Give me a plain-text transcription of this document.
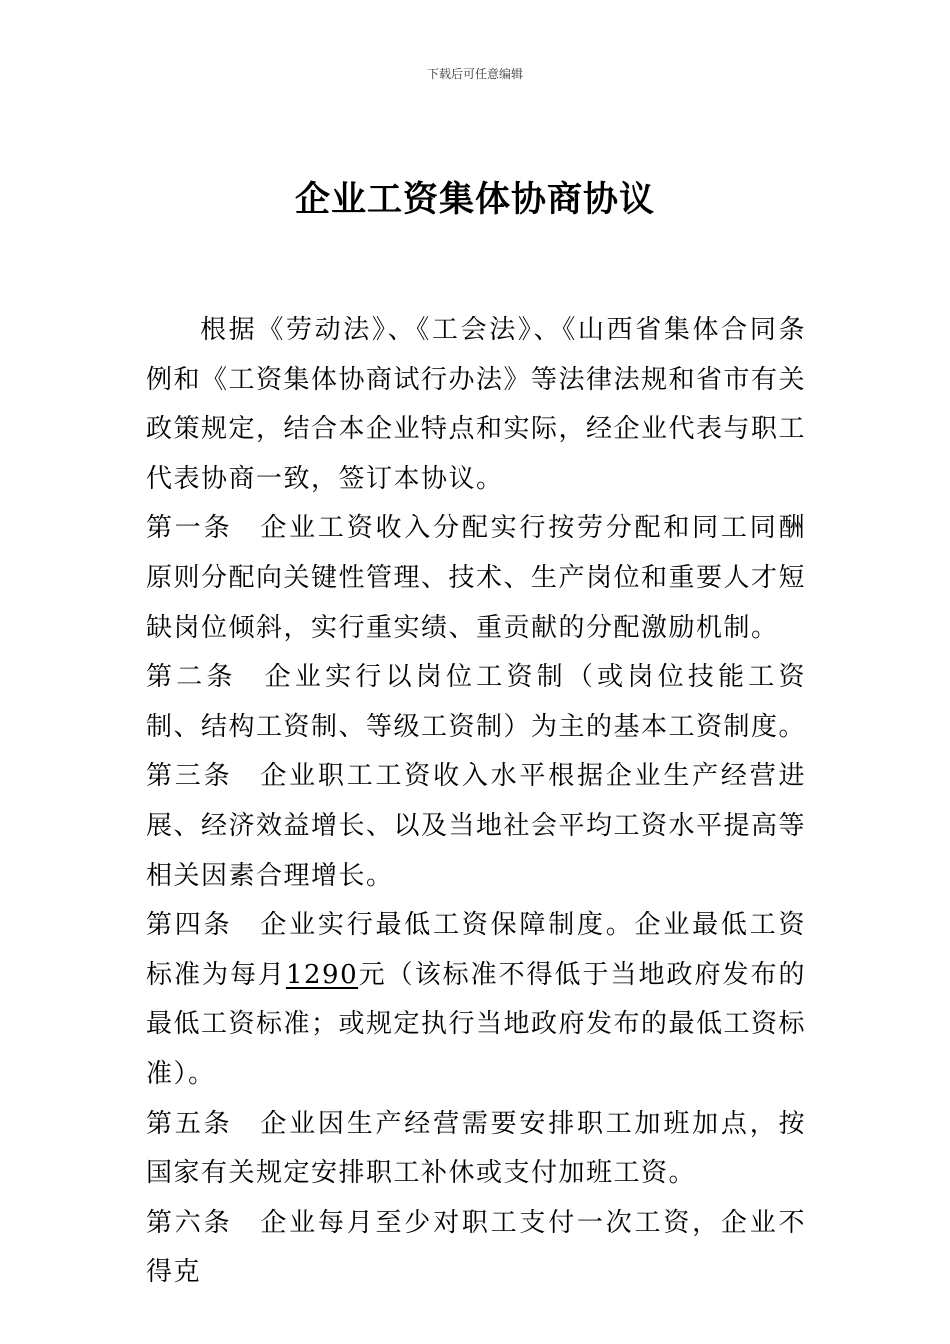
下载后可任意编辑
企业工资集体协商协议

根据《劳动法》、《工会法》、《山西省集体合同条例和《工资集体协商试行办法》等法律法规和省市有关政策规定，结合本企业特点和实际，经企业代表与职工代表协商一致，签订本协议。

第一条 企业工资收入分配实行按劳分配和同工同酬原则分配向关键性管理、技术、生产岗位和重要人才短缺岗位倾斜，实行重实绩、重贡献的分配激励机制。

第二条 企业实行以岗位工资制（或岗位技能工资制、结构工资制、等级工资制）为主的基本工资制度。

第三条 企业职工工资收入水平根据企业生产经营进展、经济效益增长、以及当地社会平均工资水平提高等相关因素合理增长。

第四条 企业实行最低工资保障制度。企业最低工资标准为每月1290元（该标准不得低于当地政府发布的最低工资标准；或规定执行当地政府发布的最低工资标准）。

第五条 企业因生产经营需要安排职工加班加点，按国家有关规定安排职工补休或支付加班工资。

第六条 企业每月至少对职工支付一次工资，企业不得克
